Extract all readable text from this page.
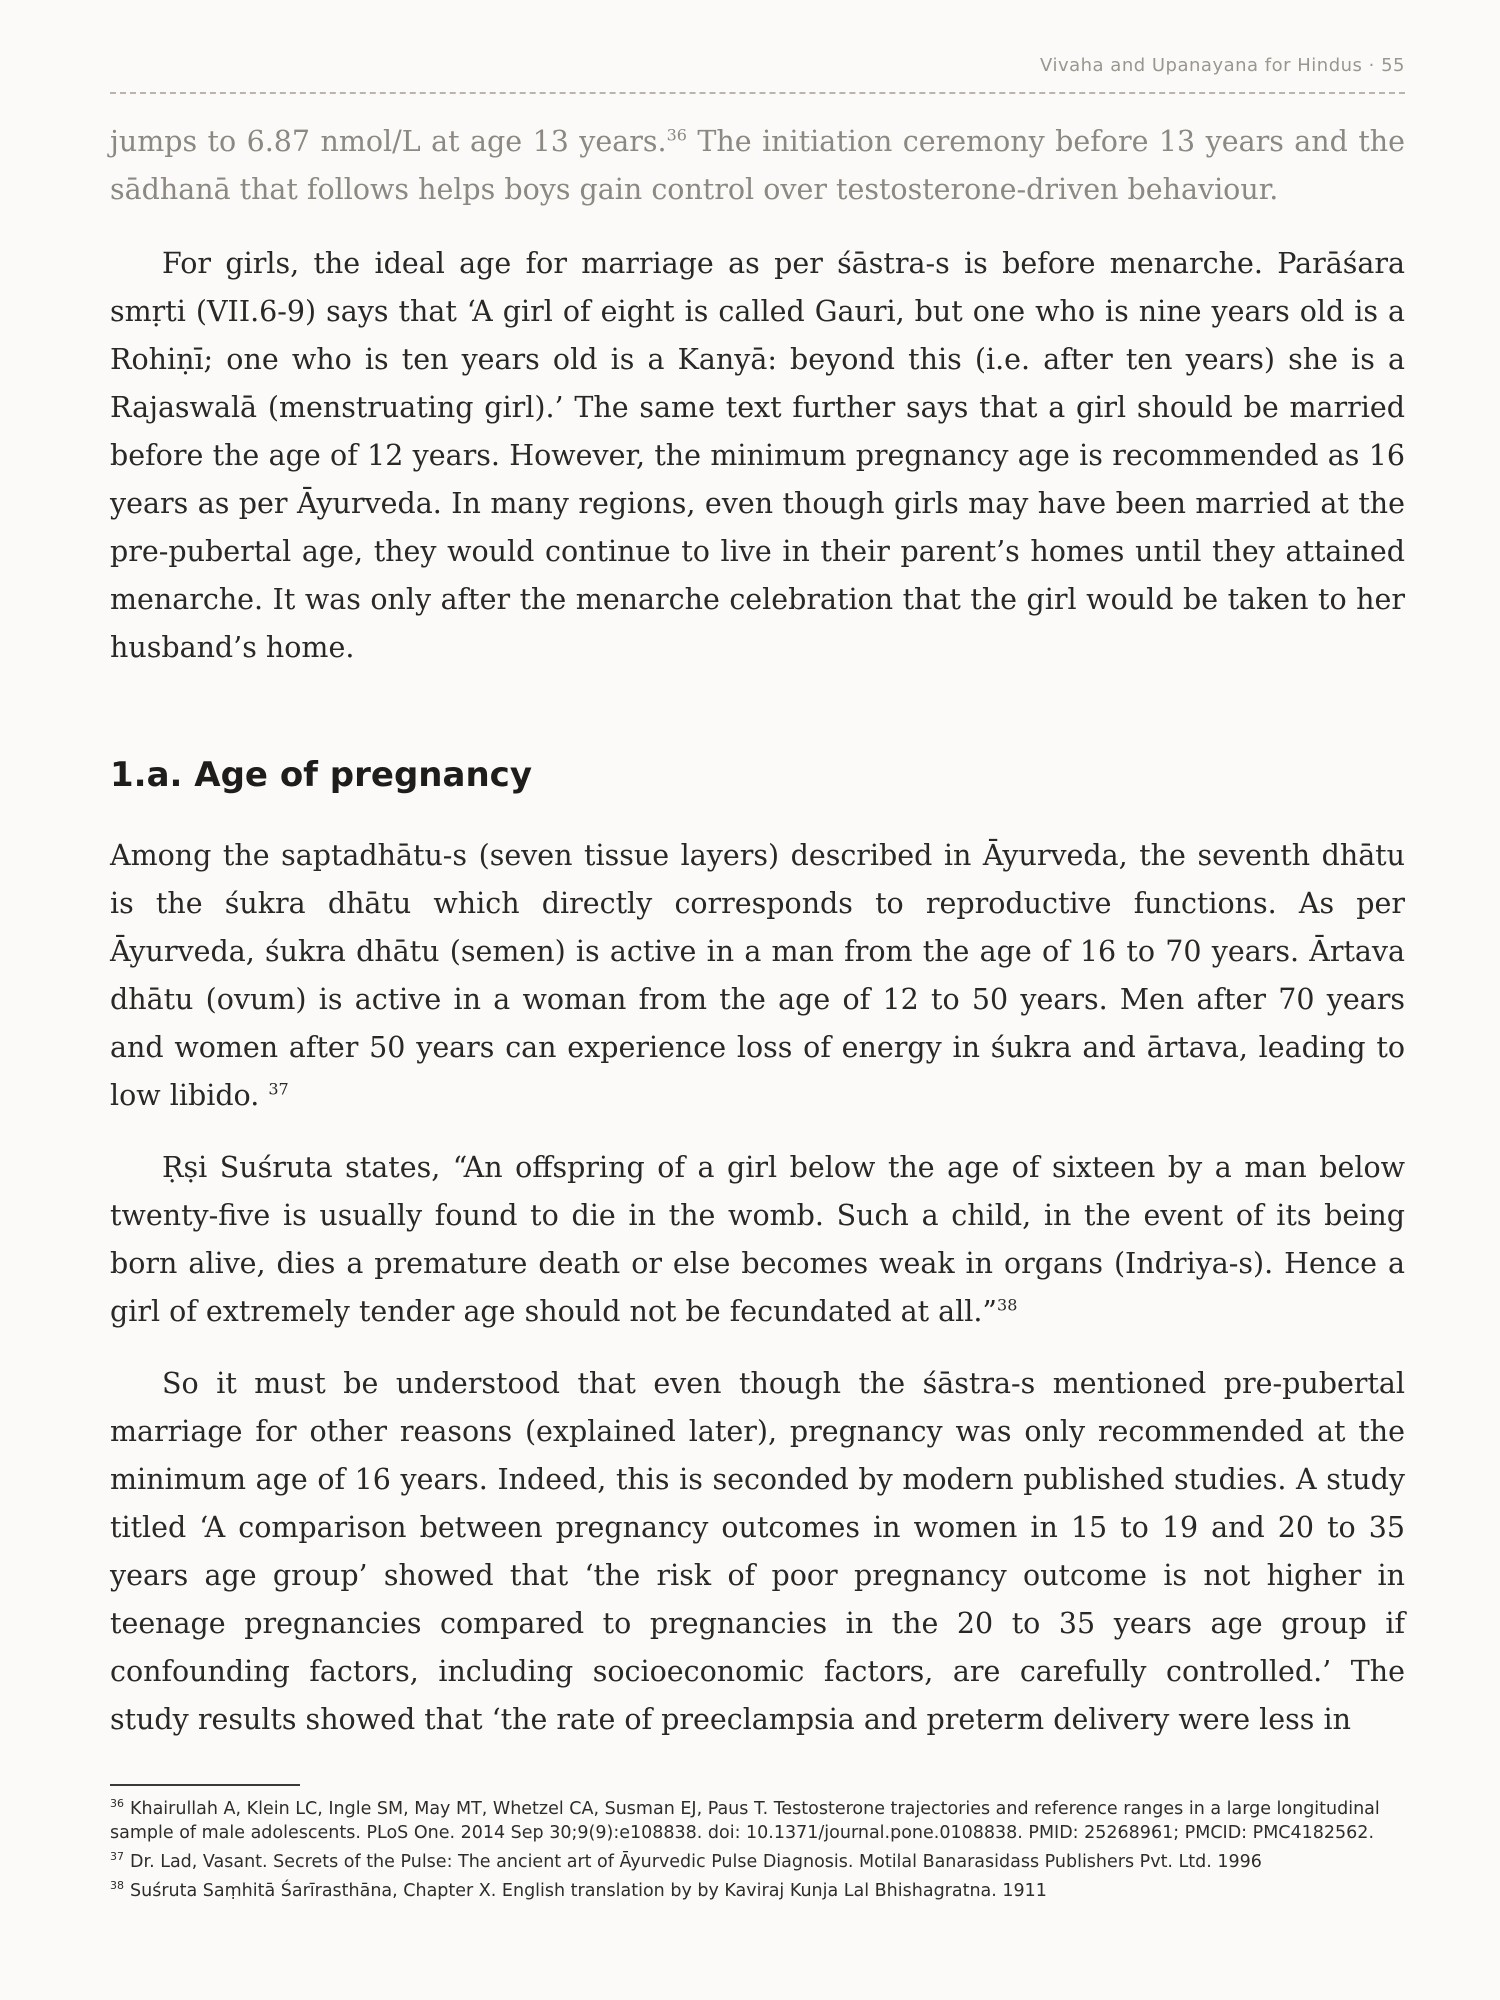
Vivaha and Upanayana for Hindus · 55

jumps to 6.87 nmol/L at age 13 years.$^{36}$ The initiation ceremony before 13 years and the sādhanā that follows helps boys gain control over testosterone-driven behaviour.

For girls, the ideal age for marriage as per śāstra-s is before menarche. Parāśara smṛti (VII.6-9) says that ‘A girl of eight is called Gauri, but one who is nine years old is a Rohiṇī; one who is ten years old is a Kanyā: beyond this (i.e. after ten years) she is a Rajaswalā (menstruating girl).’ The same text further says that a girl should be married before the age of 12 years. However, the minimum pregnancy age is recommended as 16 years as per Āyurveda. In many regions, even though girls may have been married at the pre-pubertal age, they would continue to live in their parent’s homes until they attained menarche. It was only after the menarche celebration that the girl would be taken to her husband’s home.

1.a. Age of pregnancy

Among the saptadhātu-s (seven tissue layers) described in Āyurveda, the seventh dhātu is the śukra dhātu which directly corresponds to reproductive functions. As per Āyurveda, śukra dhātu (semen) is active in a man from the age of 16 to 70 years. Ārtava dhātu (ovum) is active in a woman from the age of 12 to 50 years. Men after 70 years and women after 50 years can experience loss of energy in śukra and ārtava, leading to low libido. $^{37}$

Ṛṣi Suśruta states, “An offspring of a girl below the age of sixteen by a man below twenty-five is usually found to die in the womb. Such a child, in the event of its being born alive, dies a premature death or else becomes weak in organs (Indriya-s). Hence a girl of extremely tender age should not be fecundated at all.”$^{38}$

So it must be understood that even though the śāstra-s mentioned pre-pubertal marriage for other reasons (explained later), pregnancy was only recommended at the minimum age of 16 years. Indeed, this is seconded by modern published studies. A study titled ‘A comparison between pregnancy outcomes in women in 15 to 19 and 20 to 35 years age group’ showed that ‘the risk of poor pregnancy outcome is not higher in teenage pregnancies compared to pregnancies in the 20 to 35 years age group if confounding factors, including socioeconomic factors, are carefully controlled.’ The study results showed that ‘the rate of preeclampsia and preterm delivery were less in

$^{36}$ Khairullah A, Klein LC, Ingle SM, May MT, Whetzel CA, Susman EJ, Paus T. Testosterone trajectories and reference ranges in a large longitudinal sample of male adolescents. PLoS One. 2014 Sep 30;9(9):e108838. doi: 10.1371/journal.pone.0108838. PMID: 25268961; PMCID: PMC4182562.
$^{37}$ Dr. Lad, Vasant. Secrets of the Pulse: The ancient art of Āyurvedic Pulse Diagnosis. Motilal Banarasidass Publishers Pvt. Ltd. 1996
$^{38}$ Suśruta Saṃhitā Śarīrasthāna, Chapter X. English translation by by Kaviraj Kunja Lal Bhishagratna. 1911
